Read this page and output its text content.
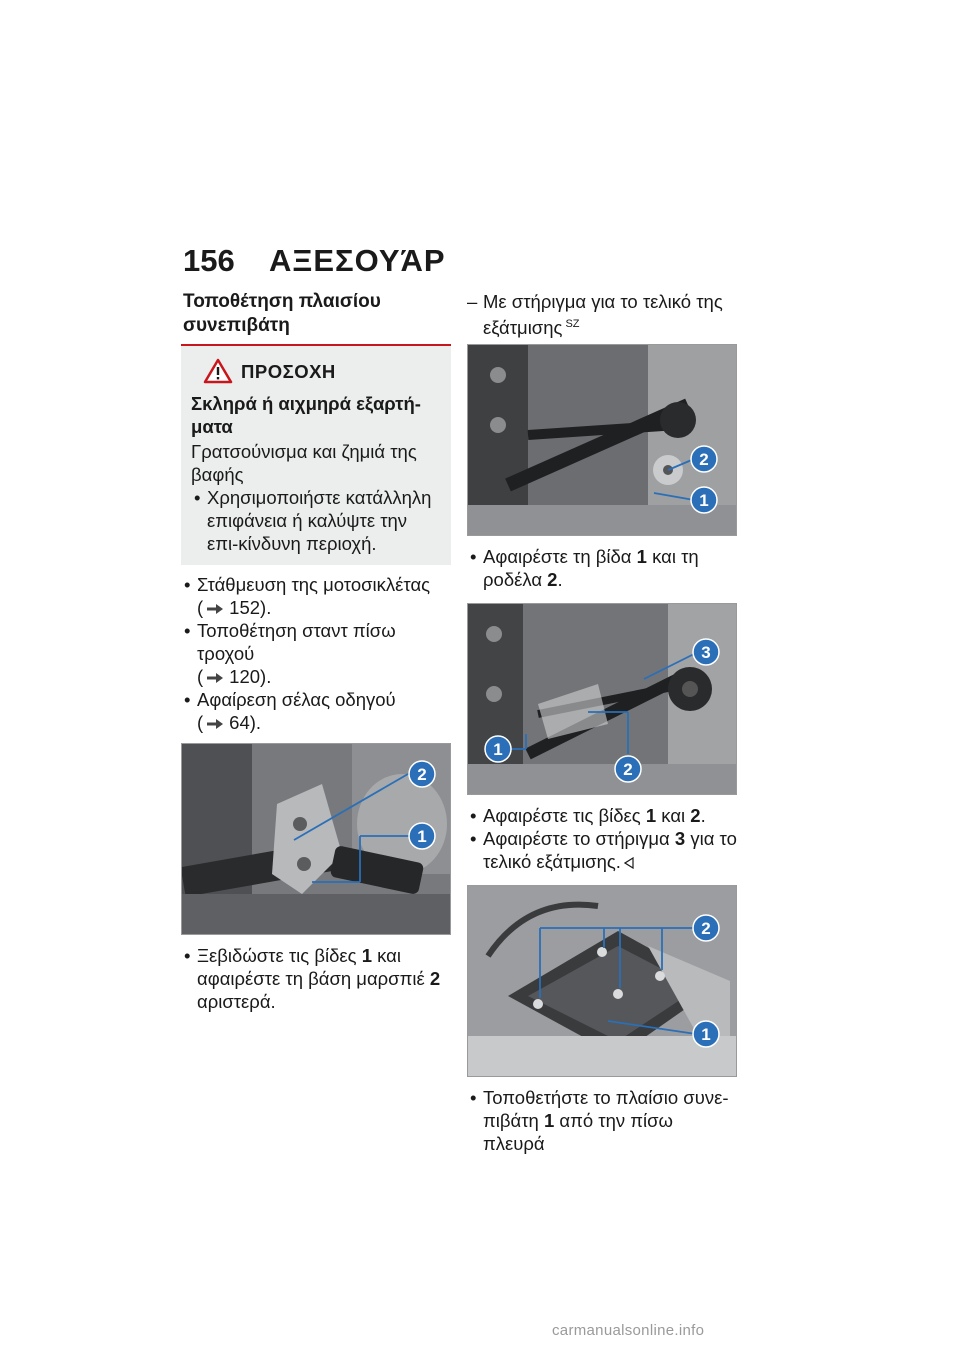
156	ΑΞΕΣΟΥΆΡ
Τοποθέτηση πλαισίου συνεπιβάτη
ΠΡΟΣΟΧΗ
Σκληρά ή αιχμηρά εξαρτή-ματα
Γρατσούνισμα και ζημιά της βαφής
• Χρησιμοποιήστε κατάλληλη επιφάνεια ή καλύψτε την επι-κίνδυνη περιοχή.
• Στάθμευση της μοτοσικλέτας
( 152).
• Τοποθέτηση σταντ πίσω τροχού
( 120).
• Αφαίρεση σέλας οδηγού
( 64).
2
1
• Ξεβιδώστε τις βίδες 1 και αφαιρέστε τη βάση μαρσπιέ 2 αριστερά.
– Με στήριγμα για το τελικό της εξάτμισης $^{SZ}$
2
1
• Αφαιρέστε τη βίδα 1 και τη ροδέλα 2.
3
1
2
• Αφαιρέστε τις βίδες 1 και 2.
• Αφαιρέστε το στήριγμα 3 για το τελικό εξάτμισης.
2
1
• Τοποθετήστε το πλαίσιο συνε-πιβάτη 1 από την πίσω πλευρά
carmanualsonline.info
